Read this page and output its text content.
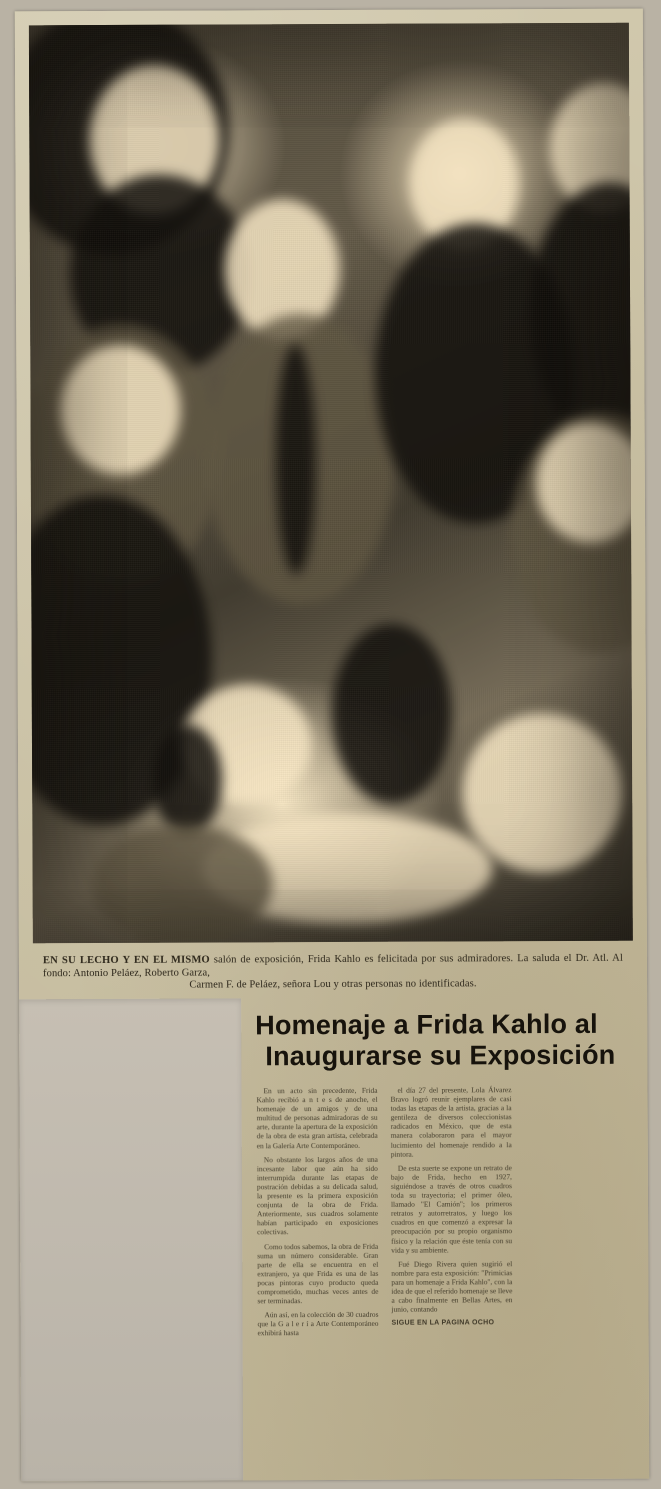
EN SU LECHO Y EN EL MISMO salón de exposición, Frida Kahlo es felicitada por sus admiradores. La saluda el Dr. Atl. Al fondo: Antonio Peláez, Roberto Garza,
Carmen F. de Peláez, señora Lou y otras personas no identificadas.
Homenaje a Frida Kahlo al
Inaugurarse su Exposición

En un acto sin precedente, Frida Kahlo recibió a n t e s de anoche, el homenaje de un amigos y de una multitud de personas admiradoras de su arte, durante la apertura de la exposición de la obra de esta gran artista, celebrada en la Galería Arte Contemporáneo.

No obstante los largos años de una incesante labor que aún ha sido interrumpida durante las etapas de postración debidas a su delicada salud, la presente es la primera exposición conjunta de la obra de Frida. Anteriormente, sus cuadros solamente habían participado en exposiciones colectivas.

Como todos sabemos, la obra de Frida suma un número considerable. Gran parte de ella se encuentra en el extranjero, ya que Frida es una de las pocas pintoras cuyo producto queda comprometido, muchas veces antes de ser terminadas.

Aún así, en la colección de 30 cuadros que la G a l e r í a Arte Contemporáneo exhibirá hasta

el día 27 del presente, Lola Álvarez Bravo logró reunir ejemplares de casi todas las etapas de la artista, gracias a la gentileza de diversos coleccionistas radicados en México, que de esta manera colaboraron para el mayor lucimiento del homenaje rendido a la pintora.

De esta suerte se expone un retrato de bajo de Frida, hecho en 1927, siguiéndose a través de otros cuadros toda su trayectoria; el primer óleo, llamado "El Camión"; los primeros retratos y autorretratos, y luego los cuadros en que comenzó a expresar la preocupación por su propio organismo físico y la relación que éste tenía con su vida y su ambiente.

Fué Diego Rivera quien sugirió el nombre para esta exposición: "Primicias para un homenaje a Frida Kahlo", con la idea de que el referido homenaje se lleve a cabo finalmente en Bellas Artes, en junio, contando

SIGUE EN LA PAGINA OCHO
